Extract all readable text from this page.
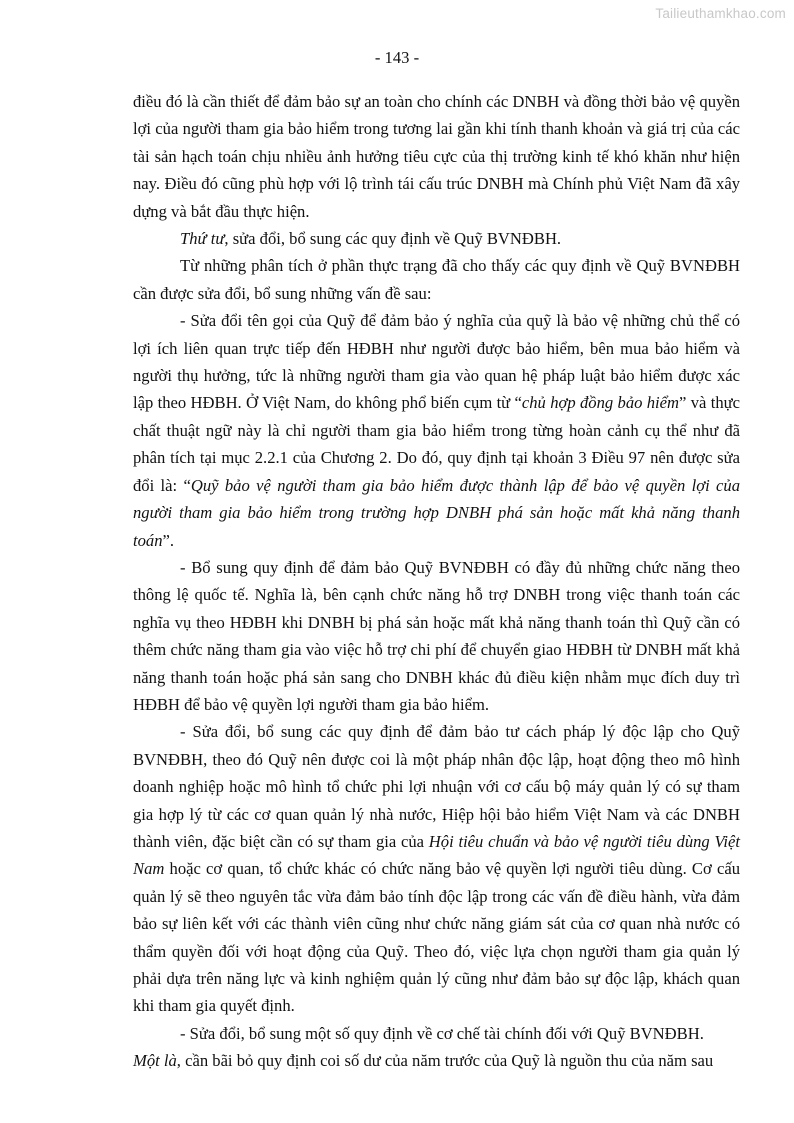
Tailieuthamkhao.com
- 143 -

điều đó là cần thiết để đảm bảo sự an toàn cho chính các DNBH và đồng thời bảo vệ quyền lợi của người tham gia bảo hiểm trong tương lai gần khi tính thanh khoản và giá trị của các tài sản hạch toán chịu nhiều ảnh hưởng tiêu cực của thị trường kinh tế khó khăn như hiện nay. Điều đó cũng phù hợp với lộ trình tái cấu trúc DNBH mà Chính phủ Việt Nam đã xây dựng và bắt đầu thực hiện.

Thứ tư, sửa đổi, bổ sung các quy định về Quỹ BVNĐBH.

Từ những phân tích ở phần thực trạng đã cho thấy các quy định về Quỹ BVNĐBH cần được sửa đổi, bổ sung những vấn đề sau:

- Sửa đổi tên gọi của Quỹ để đảm bảo ý nghĩa của quỹ là bảo vệ những chủ thể có lợi ích liên quan trực tiếp đến HĐBH như người được bảo hiểm, bên mua bảo hiểm và người thụ hưởng, tức là những người tham gia vào quan hệ pháp luật bảo hiểm được xác lập theo HĐBH. Ở Việt Nam, do không phổ biến cụm từ “chủ hợp đồng bảo hiểm” và thực chất thuật ngữ này là chỉ người tham gia bảo hiểm trong từng hoàn cảnh cụ thể như đã phân tích tại mục 2.2.1 của Chương 2. Do đó, quy định tại khoản 3 Điều 97 nên được sửa đổi là: “Quỹ bảo vệ người tham gia bảo hiểm được thành lập để bảo vệ quyền lợi của người tham gia bảo hiểm trong trường hợp DNBH phá sản hoặc mất khả năng thanh toán”.

- Bổ sung quy định để đảm bảo Quỹ BVNĐBH có đầy đủ những chức năng theo thông lệ quốc tế. Nghĩa là, bên cạnh chức năng hỗ trợ DNBH trong việc thanh toán các nghĩa vụ theo HĐBH khi DNBH bị phá sản hoặc mất khả năng thanh toán thì Quỹ cần có thêm chức năng tham gia vào việc hỗ trợ chi phí để chuyển giao HĐBH từ DNBH mất khả năng thanh toán hoặc phá sản sang cho DNBH khác đủ điều kiện nhằm mục đích duy trì HĐBH để bảo vệ quyền lợi người tham gia bảo hiểm.

- Sửa đổi, bổ sung các quy định để đảm bảo tư cách pháp lý độc lập cho Quỹ BVNĐBH, theo đó Quỹ nên được coi là một pháp nhân độc lập, hoạt động theo mô hình doanh nghiệp hoặc mô hình tổ chức phi lợi nhuận với cơ cấu bộ máy quản lý có sự tham gia hợp lý từ các cơ quan quản lý nhà nước, Hiệp hội bảo hiểm Việt Nam và các DNBH thành viên, đặc biệt cần có sự tham gia của Hội tiêu chuẩn và bảo vệ người tiêu dùng Việt Nam hoặc cơ quan, tổ chức khác có chức năng bảo vệ quyền lợi người tiêu dùng. Cơ cấu quản lý sẽ theo nguyên tắc vừa đảm bảo tính độc lập trong các vấn đề điều hành, vừa đảm bảo sự liên kết với các thành viên cũng như chức năng giám sát của cơ quan nhà nước có thẩm quyền đối với hoạt động của Quỹ. Theo đó, việc lựa chọn người tham gia quản lý phải dựa trên năng lực và kinh nghiệm quản lý cũng như đảm bảo sự độc lập, khách quan khi tham gia quyết định.

- Sửa đổi, bổ sung một số quy định về cơ chế tài chính đối với Quỹ BVNĐBH.

Một là, cần bãi bỏ quy định coi số dư của năm trước của Quỹ là nguồn thu của năm sau
